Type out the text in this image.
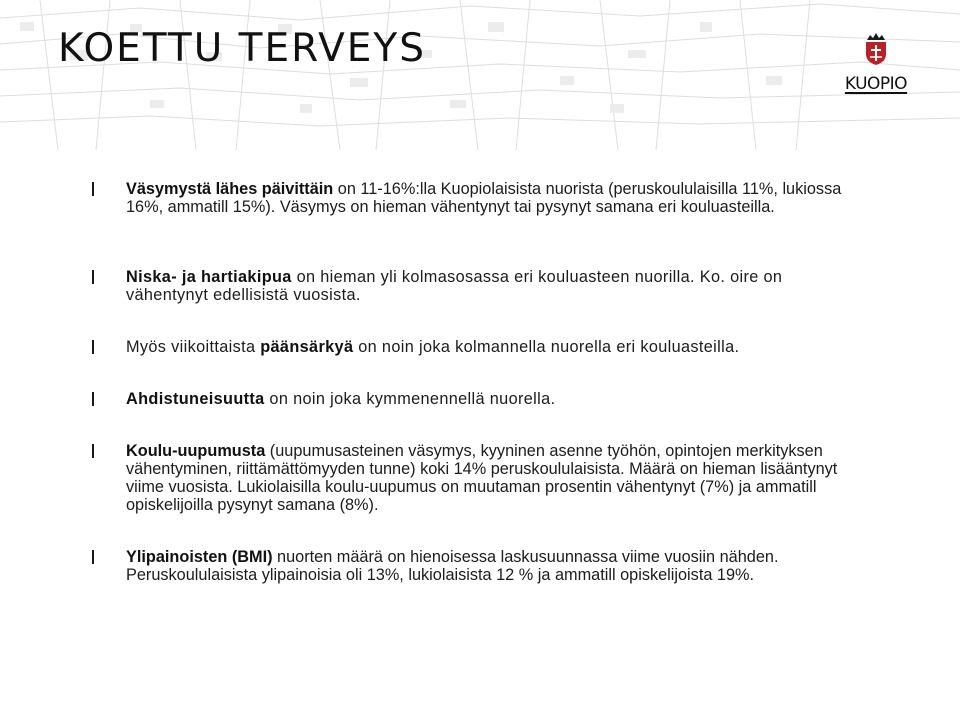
KOETTU TERVEYS
KUOPIO

Väsymystä lähes päivittäin on 11-16%:lla Kuopiolaisista nuorista (peruskoululaisilla 11%, lukiossa 16%, ammatill 15%). Väsymys on hieman vähentynyt tai pysynyt samana eri kouluasteilla.

Niska- ja hartiakipua on hieman yli kolmasosassa eri kouluasteen nuorilla. Ko. oire on vähentynyt edellisistä vuosista.

Myös viikoittaista päänsärkyä on noin joka kolmannella nuorella eri kouluasteilla.

Ahdistuneisuutta on noin joka kymmenennellä nuorella.

Koulu-uupumusta (uupumusasteinen väsymys, kyyninen asenne työhön, opintojen merkityksen vähentyminen, riittämättömyyden tunne) koki 14% peruskoululaisista. Määrä on hieman lisääntynyt viime vuosista. Lukiolaisilla koulu-uupumus on muutaman prosentin vähentynyt (7%) ja ammatill opiskelijoilla pysynyt samana (8%).

Ylipainoisten (BMI) nuorten määrä on hienoisessa laskusuunnassa viime vuosiin nähden. Peruskoululaisista ylipainoisia oli 13%, lukiolaisista 12 % ja ammatill opiskelijoista 19%.
